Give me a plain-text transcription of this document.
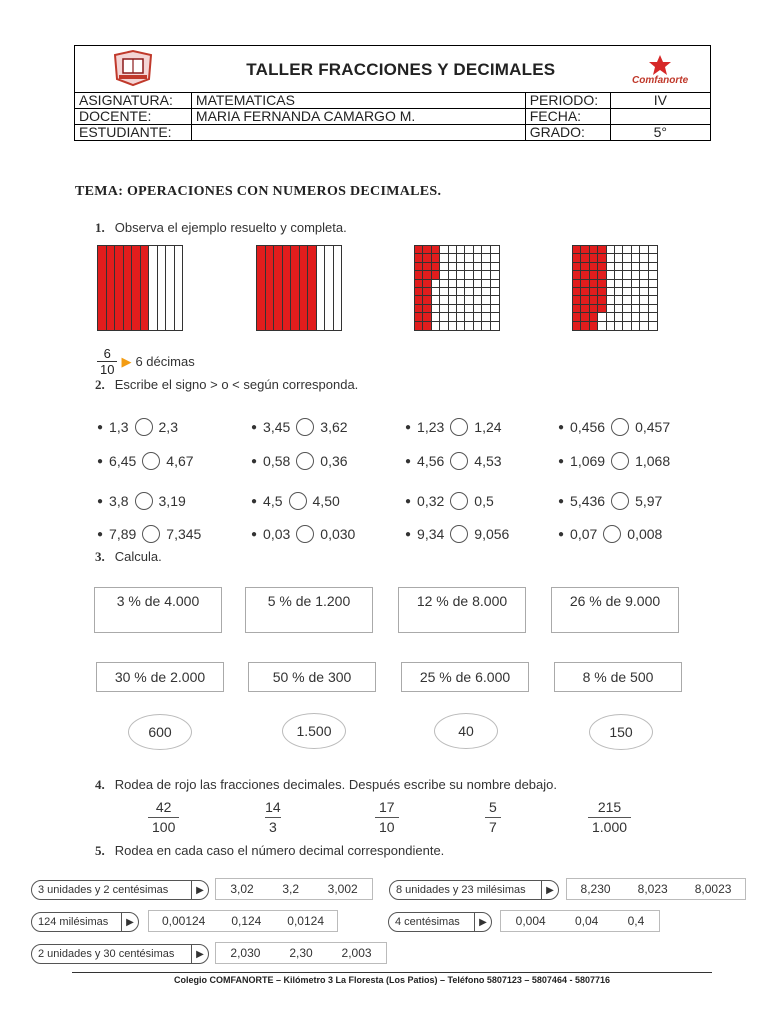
	TALLER FRACCIONES Y DECIMALES		Comfanorte

ASIGNATURA:	MATEMATICAS	PERIODO:	IV
DOCENTE:	MARIA FERNANDA CAMARGO M.	FECHA:	
ESTUDIANTE:		GRADO:	5°
TEMA: OPERACIONES CON NUMEROS DECIMALES.
1. Observa el ejemplo resuelto y completa.
$\frac{6}{10}$ ▶ 6 décimas
2. Escribe el signo > o < según corresponda.
● 1,3 2,3	● 3,45 3,62	● 1,23 1,24	● 0,456 0,457
● 6,45 4,67	● 0,58 0,36	● 4,56 4,53	● 1,069 1,068
● 3,8 3,19	● 4,5 4,50	● 0,32 0,5	● 5,436 5,97
● 7,89 7,345	● 0,03 0,030	● 9,34 9,056	● 0,07 0,008
3. Calcula.
3 % de 4.000	5 % de 1.200	12 % de 8.000	26 % de 9.000
30 % de 2.000	50 % de 300	25 % de 6.000	8 % de 500
600	1.500	40	150
4. Rodea de rojo las fracciones decimales. Después escribe su nombre debajo.
$\frac{42}{100}$	$\frac{14}{3}$	$\frac{17}{10}$	$\frac{5}{7}$	$\frac{215}{1.000}$
5. Rodea en cada caso el número decimal correspondiente.
3 unidades y 2 centésimas	▶	3,02 3,2 3,002	8 unidades y 23 milésimas	▶	8,230 8,023 8,0023
124 milésimas	▶	0,00124 0,124 0,0124	4 centésimas	▶	0,004 0,04 0,4
2 unidades y 30 centésimas	▶	2,030 2,30 2,003
Colegio COMFANORTE – Kilómetro 3 La Floresta (Los Patios) – Teléfono 5807123 – 5807464 - 5807716
